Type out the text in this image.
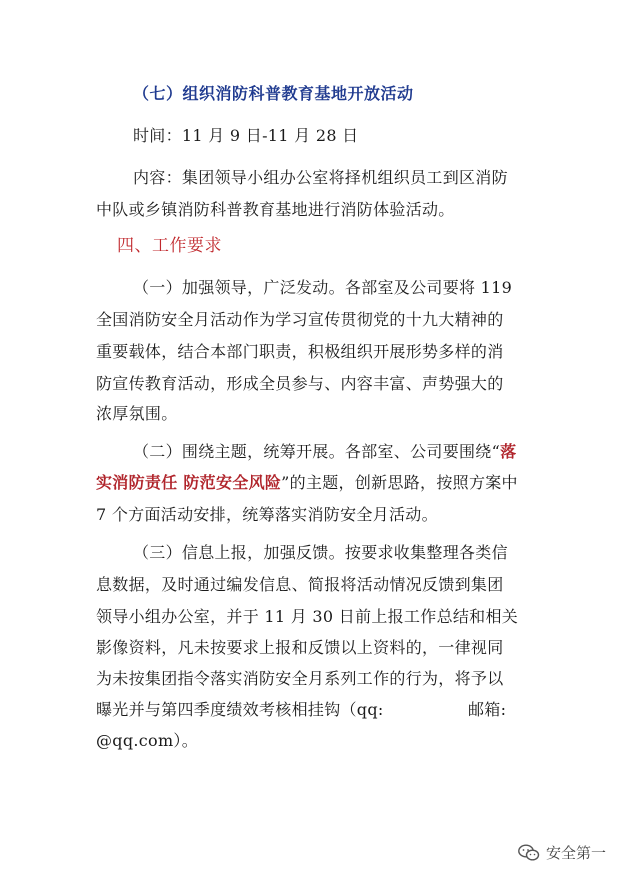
（七）组织消防科普教育基地开放活动
时间：11 月 9 日-11 月 28 日
内容：集团领导小组办公室将择机组织员工到区消防
中队或乡镇消防科普教育基地进行消防体验活动。
四、工作要求
（一）加强领导，广泛发动。各部室及公司要将 119
全国消防安全月活动作为学习宣传贯彻党的十九大精神的
重要载体，结合本部门职责，积极组织开展形势多样的消
防宣传教育活动，形成全员参与、内容丰富、声势强大的
浓厚氛围。
（二）围绕主题，统筹开展。各部室、公司要围绕“落
实消防责任 防范安全风险”的主题，创新思路，按照方案中
7 个方面活动安排，统筹落实消防安全月活动。
（三）信息上报，加强反馈。按要求收集整理各类信
息数据，及时通过编发信息、简报将活动情况反馈到集团
领导小组办公室，并于 11 月 30 日前上报工作总结和相关
影像资料，凡未按要求上报和反馈以上资料的，一律视同
为未按集团指令落实消防安全月系列工作的行为，将予以
曝光并与第四季度绩效考核相挂钩（qq:	邮箱:
@qq.com）。
安全第一
